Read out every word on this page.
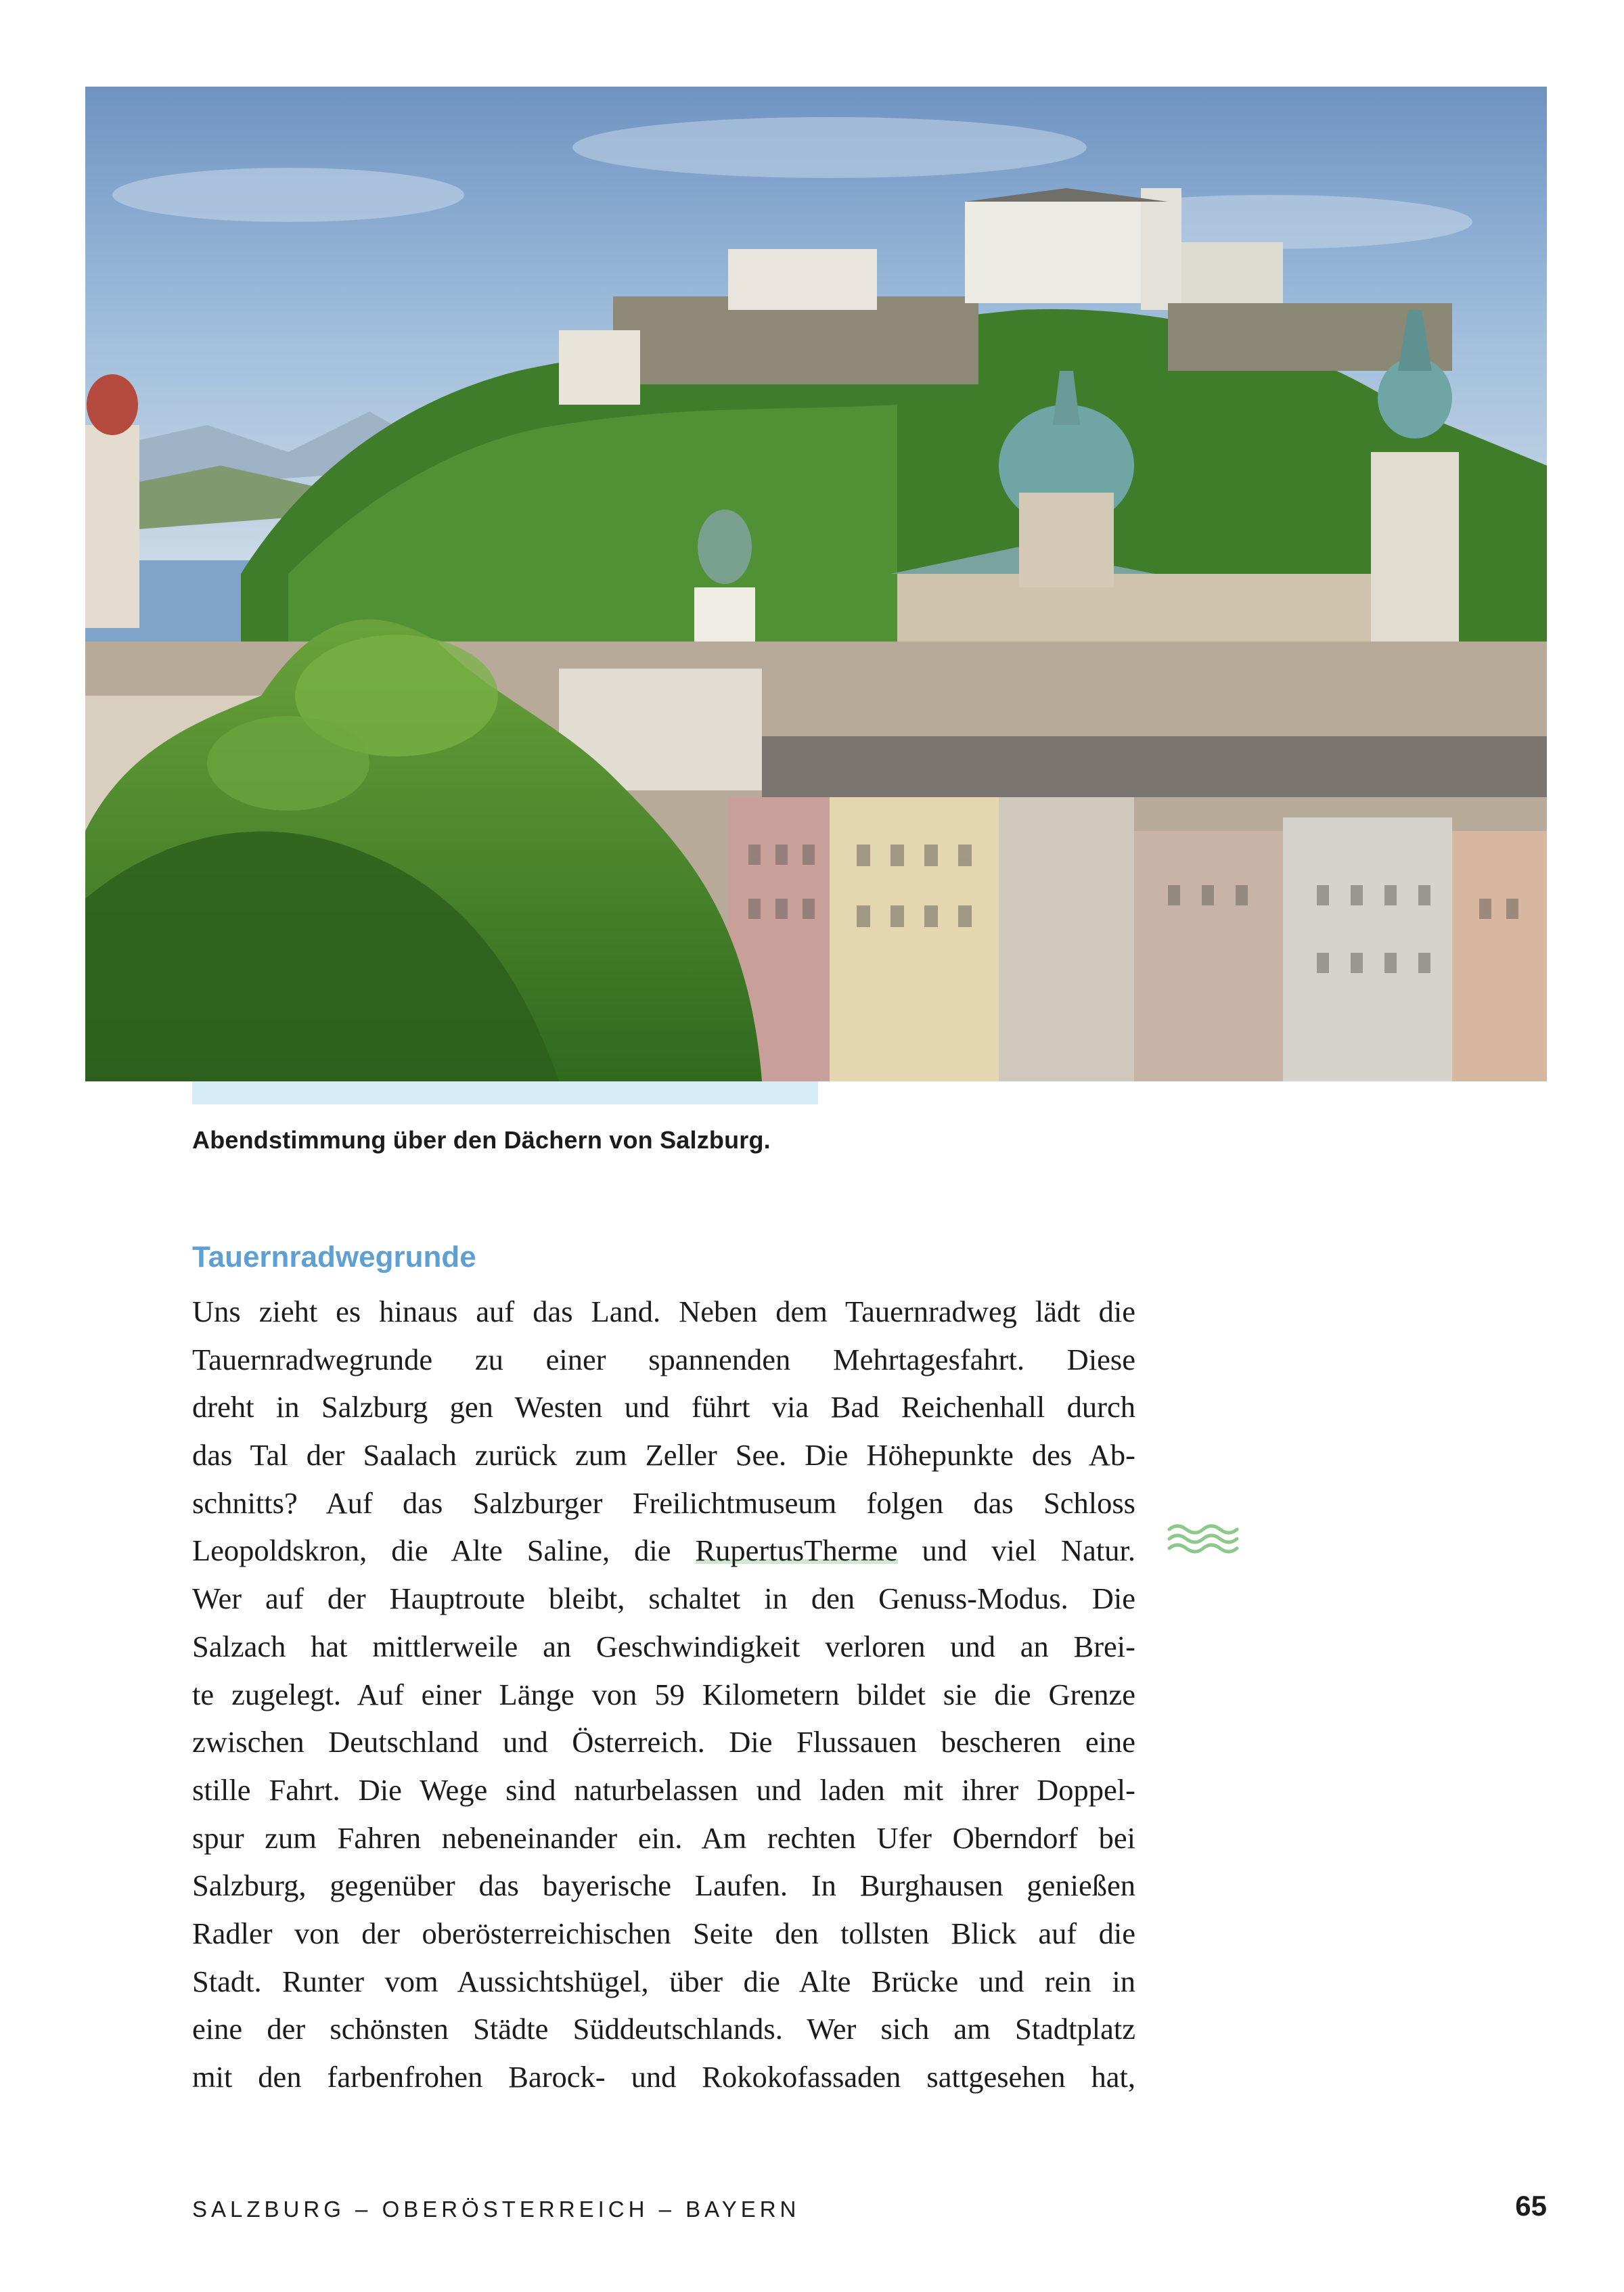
Abendstimmung über den Dächern von Salzburg.
Tauernradwegrunde
Uns zieht es hinaus auf das Land. Neben dem Tauernradweg lädt die
Tauernradwegrunde zu einer spannenden Mehrtagesfahrt. Diese
dreht in Salzburg gen Westen und führt via Bad Reichenhall durch
das Tal der Saalach zurück zum Zeller See. Die Höhepunkte des Ab-
schnitts? Auf das Salzburger Freilichtmuseum folgen das Schloss
Leopoldskron, die Alte Saline, die RupertusTherme und viel Natur.
Wer auf der Hauptroute bleibt, schaltet in den Genuss-Modus. Die
Salzach hat mittlerweile an Geschwindigkeit verloren und an Brei-
te zugelegt. Auf einer Länge von 59 Kilometern bildet sie die Grenze
zwischen Deutschland und Österreich. Die Flussauen bescheren eine
stille Fahrt. Die Wege sind naturbelassen und laden mit ihrer Doppel-
spur zum Fahren nebeneinander ein. Am rechten Ufer Oberndorf bei
Salzburg, gegenüber das bayerische Laufen. In Burghausen genießen
Radler von der oberösterreichischen Seite den tollsten Blick auf die
Stadt. Runter vom Aussichtshügel, über die Alte Brücke und rein in
eine der schönsten Städte Süddeutschlands. Wer sich am Stadtplatz
mit den farbenfrohen Barock- und Rokokofassaden sattgesehen hat,
SALZBURG – OBERÖSTERREICH – BAYERN	65
